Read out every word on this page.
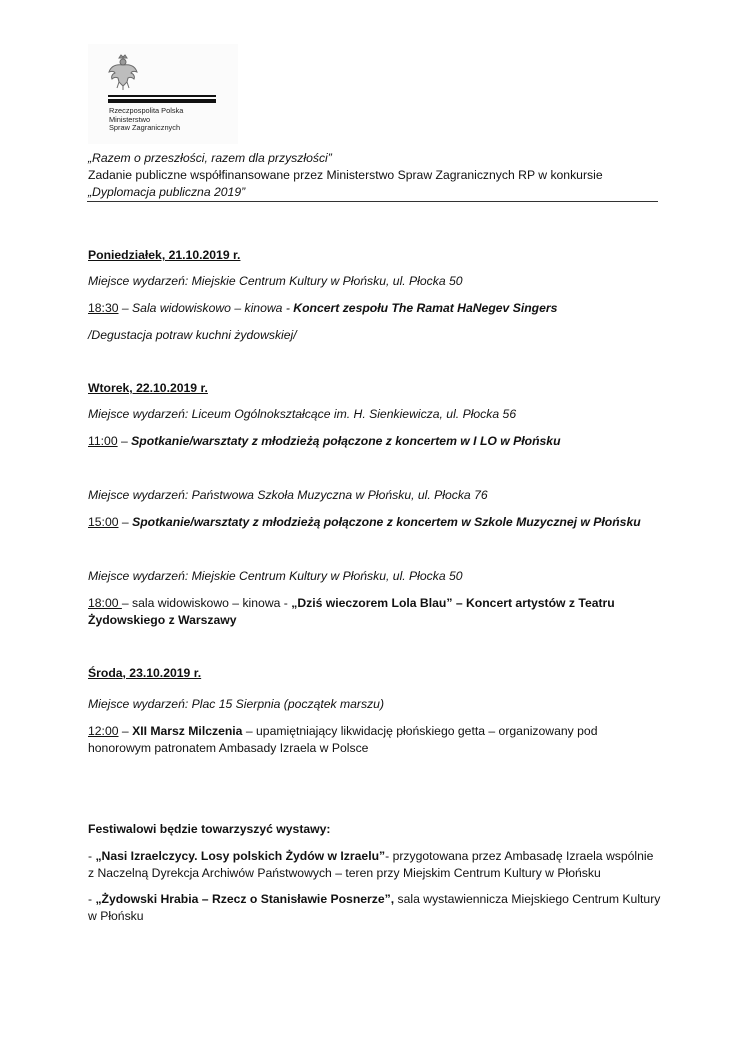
Rzeczpospolita Polska
Ministerstwo
Spraw Zagranicznych
„Razem o przeszłości, razem dla przyszłości”
Zadanie publiczne współfinansowane przez Ministerstwo Spraw Zagranicznych RP w konkursie
„Dyplomacja publiczna 2019”
Poniedziałek, 21.10.2019 r.
Miejsce wydarzeń: Miejskie Centrum Kultury w Płońsku, ul. Płocka 50
18:30 – Sala widowiskowo – kinowa - Koncert zespołu The Ramat HaNegev Singers
/Degustacja potraw kuchni żydowskiej/
Wtorek, 22.10.2019 r.
Miejsce wydarzeń: Liceum Ogólnokształcące im. H. Sienkiewicza, ul. Płocka 56
11:00 – Spotkanie/warsztaty z młodzieżą połączone z koncertem w I LO w Płońsku
Miejsce wydarzeń: Państwowa Szkoła Muzyczna w Płońsku, ul. Płocka 76
15:00 – Spotkanie/warsztaty z młodzieżą połączone z koncertem w Szkole Muzycznej w Płońsku
Miejsce wydarzeń: Miejskie Centrum Kultury w Płońsku, ul. Płocka 50
18:00 – sala widowiskowo – kinowa - „Dziś wieczorem Lola Blau” – Koncert artystów z Teatru
Żydowskiego z Warszawy
Środa, 23.10.2019 r.
Miejsce wydarzeń: Plac 15 Sierpnia (początek marszu)
12:00 – XII Marsz Milczenia – upamiętniający likwidację płońskiego getta – organizowany pod
honorowym patronatem Ambasady Izraela w Polsce
Festiwalowi będzie towarzyszyć wystawy:
- „Nasi Izraelczycy. Losy polskich Żydów w Izraelu”- przygotowana przez Ambasadę Izraela wspólnie
z Naczelną Dyrekcja Archiwów Państwowych – teren przy Miejskim Centrum Kultury w Płońsku
- „Żydowski Hrabia – Rzecz o Stanisławie Posnerze”, sala wystawiennicza Miejskiego Centrum Kultury
w Płońsku
